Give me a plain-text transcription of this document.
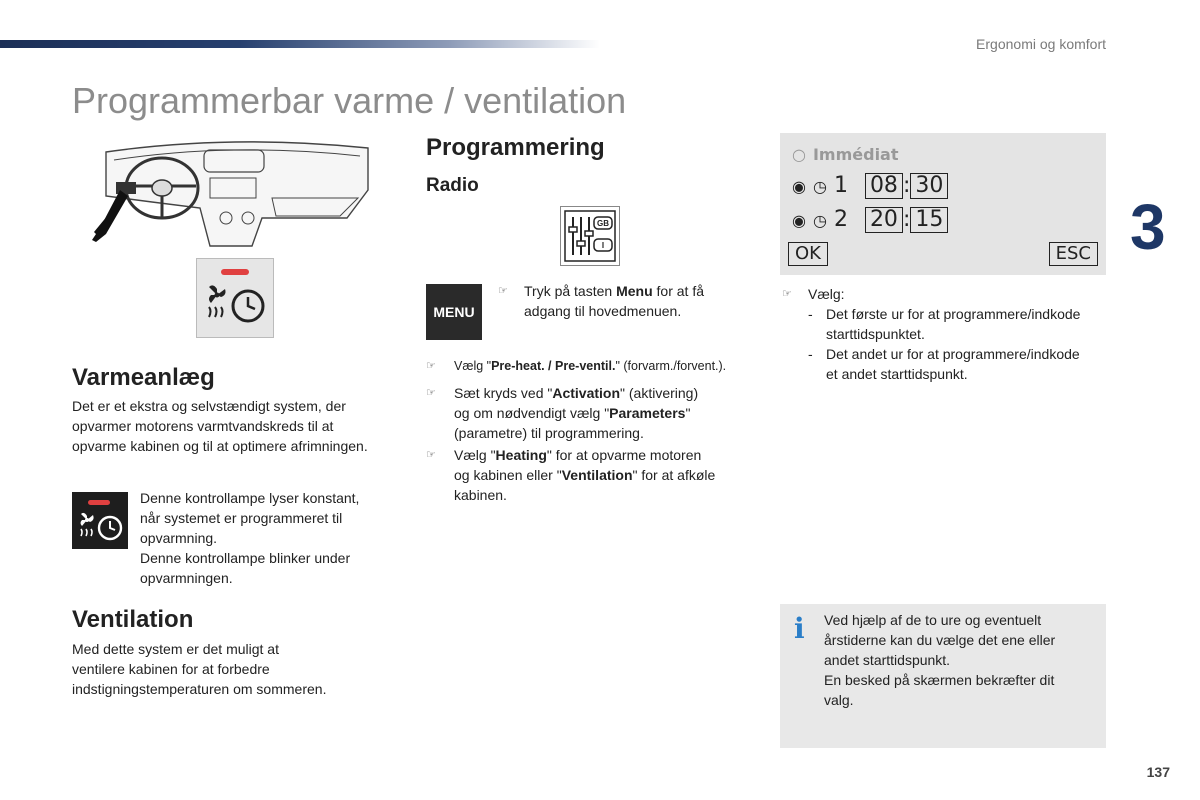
Ergonomi og komfort
Programmerbar varme / ventilation
3
Varmeanlæg
Det er et ekstra og selvstændigt system, der
opvarmer motorens varmtvandskreds til at
opvarme kabinen og til at optimere afrimningen.
Denne kontrollampe lyser konstant,
når systemet er programmeret til
opvarmning.
Denne kontrollampe blinker under
opvarmningen.
Ventilation
Med dette system er det muligt at
ventilere kabinen for at forbedre
indstigningstemperaturen om sommeren.
Programmering
Radio
GB
I
MENU
☞ Tryk på tasten Menu for at få
adgang til hovedmenuen.
☞ Vælg "Pre-heat. / Pre-ventil." (forvarm./forvent.).
☞ Sæt kryds ved "Activation" (aktivering)
og om nødvendigt vælg "Parameters"
(parametre) til programmering.
☞ Vælg "Heating" for at opvarme motoren
og kabinen eller "Ventilation" for at afkøle
kabinen.
○ Immédiat
◉ ◷ 1 08 : 30
◉ ◷ 2 20 : 15
OK	ESC
☞ Vælg:
- Det første ur for at programmere/indkode
starttidspunktet.
- Det andet ur for at programmere/indkode
et andet starttidspunkt.
i Ved hjælp af de to ure og eventuelt
årstiderne kan du vælge det ene eller
andet starttidspunkt.
En besked på skærmen bekræfter dit
valg.
137
